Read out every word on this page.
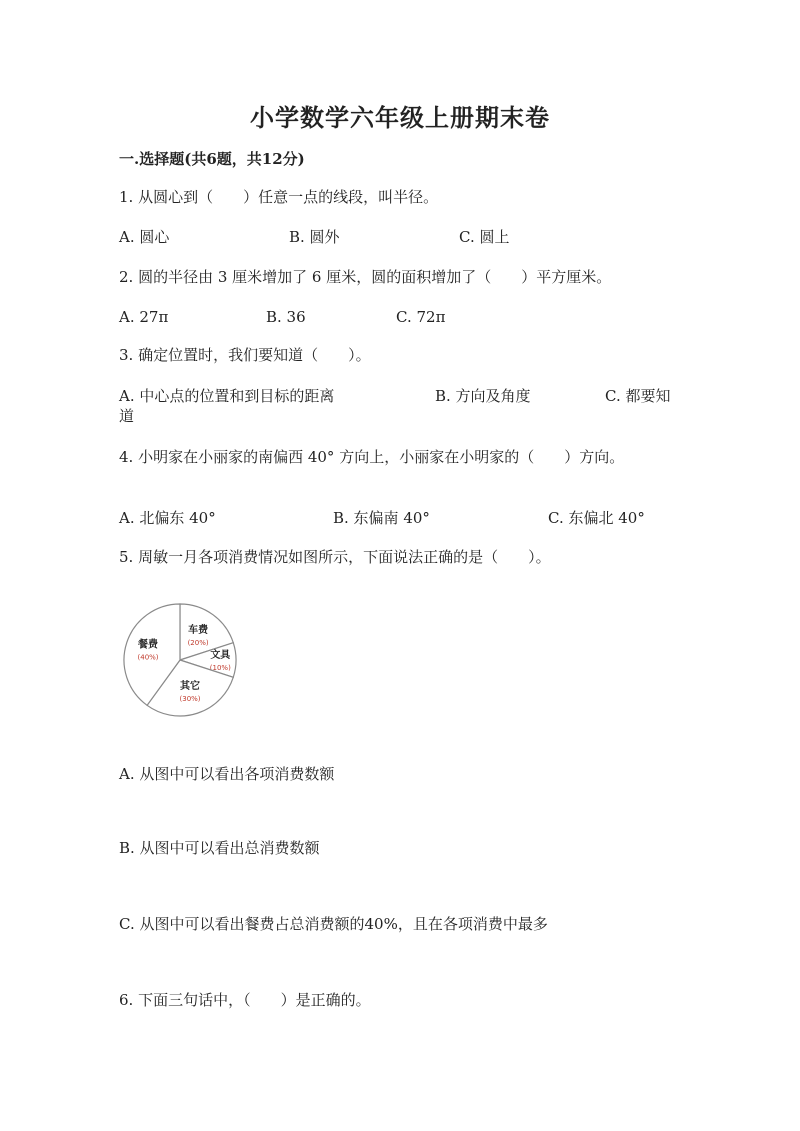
小学数学六年级上册期末卷
一.选择题(共6题，共12分)
1. 从圆心到（　　）任意一点的线段，叫半径。
A. 圆心	B. 圆外	C. 圆上
2. 圆的半径由 3 厘米增加了 6 厘米，圆的面积增加了（　　）平方厘米。
A. 27π	B. 36	C. 72π
3. 确定位置时，我们要知道（　　）。
A. 中心点的位置和到目标的距离	B. 方向及角度	C. 都要知道
4. 小明家在小丽家的南偏西 40° 方向上，小丽家在小明家的（　　）方向。
A. 北偏东 40°	B. 东偏南 40°	C. 东偏北 40°
5. 周敏一月各项消费情况如图所示，下面说法正确的是（　　）。
车费
(20%)
文具
(10%)
其它
(30%)
餐费
(40%)
A. 从图中可以看出各项消费数额
B. 从图中可以看出总消费数额
C. 从图中可以看出餐费占总消费额的40%，且在各项消费中最多
6. 下面三句话中，（　　）是正确的。
